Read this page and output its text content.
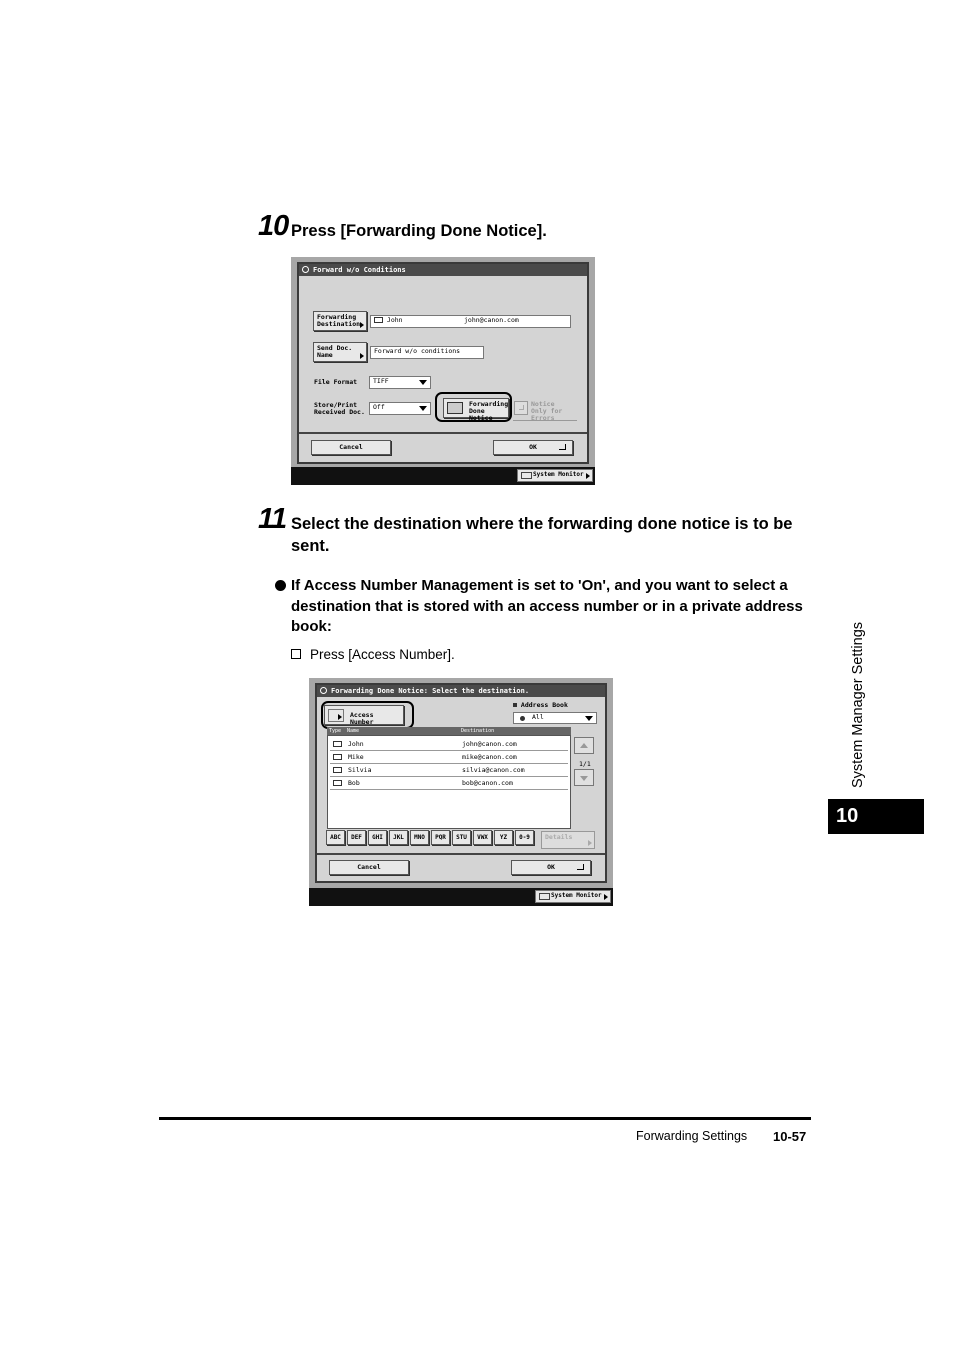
10 Press [Forwarding Done Notice].
Forward w/o Conditions
Forwarding Destination	John	john@canon.com
Send Doc. Name	Forward w/o conditions
File Format	TIFF
Store/Print Received Doc.
Off	Forwarding Done Notice
Notice Only for Errors
Cancel	OK
System Monitor
11 Select the destination where the forwarding done notice is to be sent.
If Access Number Management is set to 'On', and you want to select a destination that is stored with an access number or in a private address book:
Press [Access Number].
Forwarding Done Notice: Select the destination.
Access Number
Address Book
All
Type Name	Destination
John	john@canon.com
Mike	mike@canon.com
Silvia	silvia@canon.com
Bob	bob@canon.com
1/1
ABC	DEF	GHI	JKL	MNO	PQR	STU	VWX	YZ	0-9	Details
Cancel	OK
System Monitor
System Manager Settings
10
Forwarding Settings 10-57
